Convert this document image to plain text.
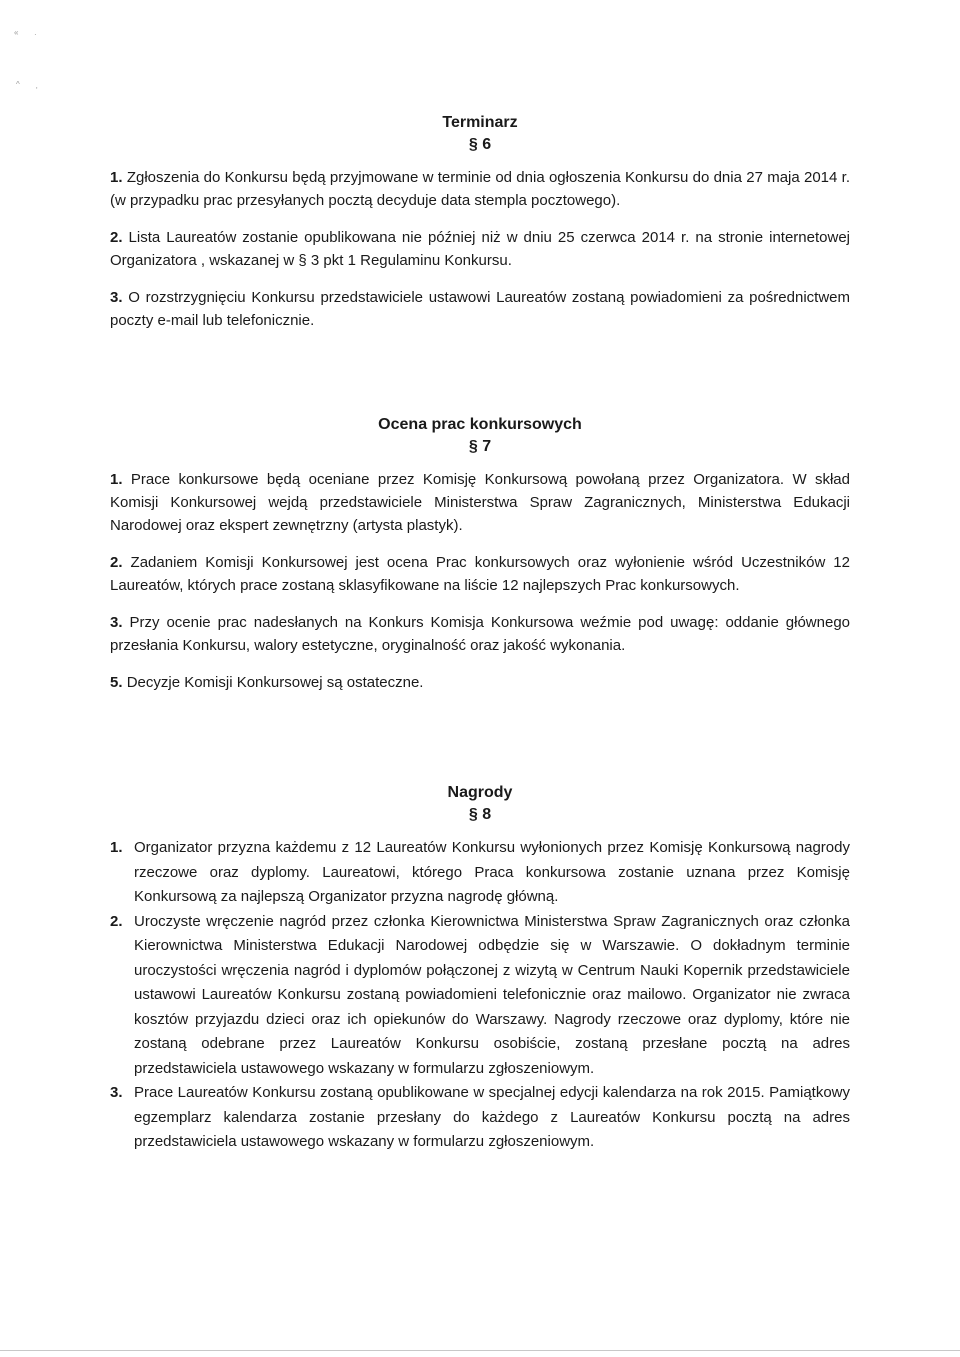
« ·
^
'
Terminarz
§ 6

1. Zgłoszenia do Konkursu będą przyjmowane w terminie od dnia ogłoszenia Konkursu do dnia 27 maja 2014 r. (w przypadku prac przesyłanych pocztą decyduje data stempla pocztowego).

2. Lista Laureatów zostanie opublikowana nie później niż w dniu 25 czerwca 2014 r. na stronie internetowej Organizatora , wskazanej w § 3 pkt 1 Regulaminu Konkursu.

3. O rozstrzygnięciu Konkursu przedstawiciele ustawowi Laureatów zostaną powiadomieni za pośrednictwem poczty e-mail lub telefonicznie.

Ocena prac konkursowych
§ 7

1. Prace konkursowe będą oceniane przez Komisję Konkursową powołaną przez Organizatora. W skład Komisji Konkursowej wejdą przedstawiciele Ministerstwa Spraw Zagranicznych, Ministerstwa Edukacji Narodowej oraz ekspert zewnętrzny (artysta plastyk).

2. Zadaniem Komisji Konkursowej jest ocena Prac konkursowych oraz wyłonienie wśród Uczestników 12 Laureatów, których prace zostaną sklasyfikowane na liście 12 najlepszych Prac konkursowych.

3. Przy ocenie prac nadesłanych na Konkurs Komisja Konkursowa weźmie pod uwagę: oddanie głównego przesłania Konkursu, walory estetyczne, oryginalność oraz jakość wykonania.

5. Decyzje Komisji Konkursowej są ostateczne.

Nagrody
§ 8
1. Organizator przyzna każdemu z 12 Laureatów Konkursu wyłonionych przez Komisję Konkursową nagrody rzeczowe oraz dyplomy. Laureatowi, którego Praca konkursowa zostanie uznana przez Komisję Konkursową za najlepszą Organizator przyzna nagrodę główną.
2. Uroczyste wręczenie nagród przez członka Kierownictwa Ministerstwa Spraw Zagranicznych oraz członka Kierownictwa Ministerstwa Edukacji Narodowej odbędzie się w Warszawie. O dokładnym terminie uroczystości wręczenia nagród i dyplomów połączonej z wizytą w Centrum Nauki Kopernik przedstawiciele ustawowi Laureatów Konkursu zostaną powiadomieni telefonicznie oraz mailowo. Organizator nie zwraca kosztów przyjazdu dzieci oraz ich opiekunów do Warszawy. Nagrody rzeczowe oraz dyplomy, które nie zostaną odebrane przez Laureatów Konkursu osobiście, zostaną przesłane pocztą na adres przedstawiciela ustawowego wskazany w formularzu zgłoszeniowym.
3. Prace Laureatów Konkursu zostaną opublikowane w specjalnej edycji kalendarza na rok 2015. Pamiątkowy egzemplarz kalendarza zostanie przesłany do każdego z Laureatów Konkursu pocztą na adres przedstawiciela ustawowego wskazany w formularzu zgłoszeniowym.
